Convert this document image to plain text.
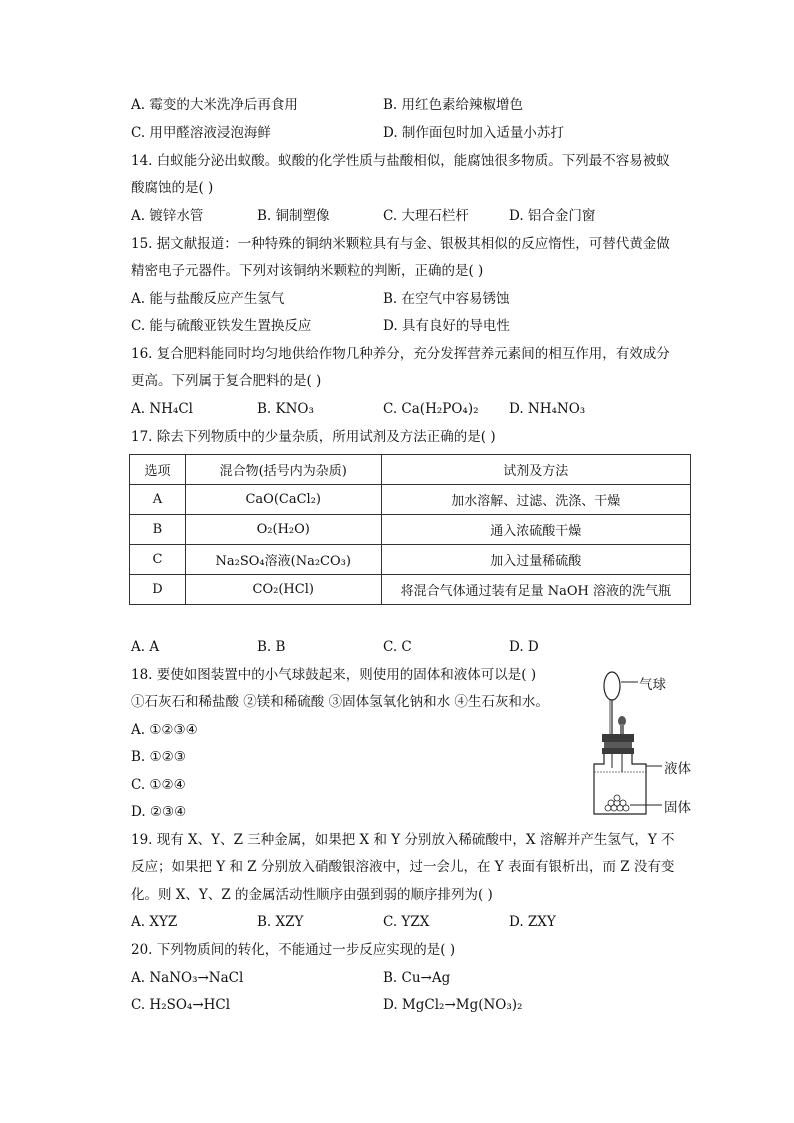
A. 霉变的大米洗净后再食用	B. 用红色素给辣椒增色
C. 用甲醛溶液浸泡海鲜	D. 制作面包时加入适量小苏打
14. 白蚁能分泌出蚁酸。蚁酸的化学性质与盐酸相似，能腐蚀很多物质。下列最不容易被蚁
酸腐蚀的是( )
A. 镀锌水管	B. 铜制塑像	C. 大理石栏杆	D. 铝合金门窗
15. 据文献报道：一种特殊的铜纳米颗粒具有与金、银极其相似的反应惰性，可替代黄金做
精密电子元器件。下列对该铜纳米颗粒的判断，正确的是( )
A. 能与盐酸反应产生氢气	B. 在空气中容易锈蚀
C. 能与硫酸亚铁发生置换反应	D. 具有良好的导电性
16. 复合肥料能同时均匀地供给作物几种养分，充分发挥营养元素间的相互作用，有效成分
更高。下列属于复合肥料的是( )
A. NH₄Cl	B. KNO₃	C. Ca(H₂PO₄)₂ D. NH₄NO₃
17. 除去下列物质中的少量杂质，所用试剂及方法正确的是( )
选项	混合物(括号内为杂质)	试剂及方法
A	CaO(CaCl₂)	加水溶解、过滤、洗涤、干燥
B	O₂(H₂O)	通入浓硫酸干燥
C	Na₂SO₄溶液(Na₂CO₃)	加入过量稀硫酸
D	CO₂(HCl)	将混合气体通过装有足量 NaOH 溶液的洗气瓶
A. A	B. B	C. C	D. D
18. 要使如图装置中的小气球鼓起来，则使用的固体和液体可以是( )
①石灰石和稀盐酸 ②镁和稀硫酸 ③固体氢氧化钠和水 ④生石灰和水。
A. ①②③④
B. ①②③
C. ①②④
D. ②③④
气球
液体
固体
19. 现有 X、Y、Z 三种金属，如果把 X 和 Y 分别放入稀硫酸中，X 溶解并产生氢气，Y 不
反应；如果把 Y 和 Z 分别放入硝酸银溶液中，过一会儿，在 Y 表面有银析出，而 Z 没有变
化。则 X、Y、Z 的金属活动性顺序由强到弱的顺序排列为( )
A. XYZ	B. XZY	C. YZX	D. ZXY
20. 下列物质间的转化，不能通过一步反应实现的是( )
A. NaNO₃→NaCl	B. Cu→Ag
C. H₂SO₄→HCl	D. MgCl₂→Mg(NO₃)₂
